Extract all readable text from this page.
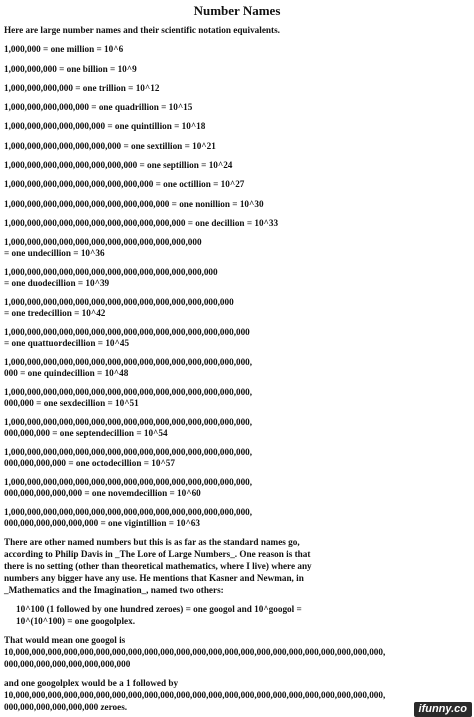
Number Names
Here are large number names and their scientific notation equivalents.
1,000,000 = one million = 10^6
1,000,000,000 = one billion = 10^9
1,000,000,000,000 = one trillion = 10^12
1,000,000,000,000,000 = one quadrillion = 10^15
1,000,000,000,000,000,000 = one quintillion = 10^18
1,000,000,000,000,000,000,000 = one sextillion = 10^21
1,000,000,000,000,000,000,000,000 = one septillion = 10^24
1,000,000,000,000,000,000,000,000,000 = one octillion = 10^27
1,000,000,000,000,000,000,000,000,000,000 = one nonillion = 10^30
1,000,000,000,000,000,000,000,000,000,000,000 = one decillion = 10^33
1,000,000,000,000,000,000,000,000,000,000,000,000
= one undecillion = 10^36
1,000,000,000,000,000,000,000,000,000,000,000,000,000
= one duodecillion = 10^39
1,000,000,000,000,000,000,000,000,000,000,000,000,000,000
= one tredecillion = 10^42
1,000,000,000,000,000,000,000,000,000,000,000,000,000,000,000
= one quattuordecillion = 10^45
1,000,000,000,000,000,000,000,000,000,000,000,000,000,000,000,
000 = one quindecillion = 10^48
1,000,000,000,000,000,000,000,000,000,000,000,000,000,000,000,
000,000 = one sexdecillion = 10^51
1,000,000,000,000,000,000,000,000,000,000,000,000,000,000,000,
000,000,000 = one septendecillion = 10^54
1,000,000,000,000,000,000,000,000,000,000,000,000,000,000,000,
000,000,000,000 = one octodecillion = 10^57
1,000,000,000,000,000,000,000,000,000,000,000,000,000,000,000,
000,000,000,000,000 = one novemdecillion = 10^60
1,000,000,000,000,000,000,000,000,000,000,000,000,000,000,000,
000,000,000,000,000,000 = one vigintillion = 10^63
There are other named numbers but this is as far as the standard names go,
according to Philip Davis in _The Lore of Large Numbers_. One reason is that
there is no setting (other than theoretical mathematics, where I live) where any
numbers any bigger have any use. He mentions that Kasner and Newman, in
_Mathematics and the Imagination_, named two others:
10^100 (1 followed by one hundred zeroes) = one googol and 10^googol =
10^(10^100) = one googolplex.
That would mean one googol is
10,000,000,000,000,000,000,000,000,000,000,000,000,000,000,000,000,000,000,000,000,000,000,000,
000,000,000,000,000,000,000,000
and one googolplex would be a 1 followed by
10,000,000,000,000,000,000,000,000,000,000,000,000,000,000,000,000,000,000,000,000,000,000,000,
000,000,000,000,000,000 zeroes.	ifunny.co
